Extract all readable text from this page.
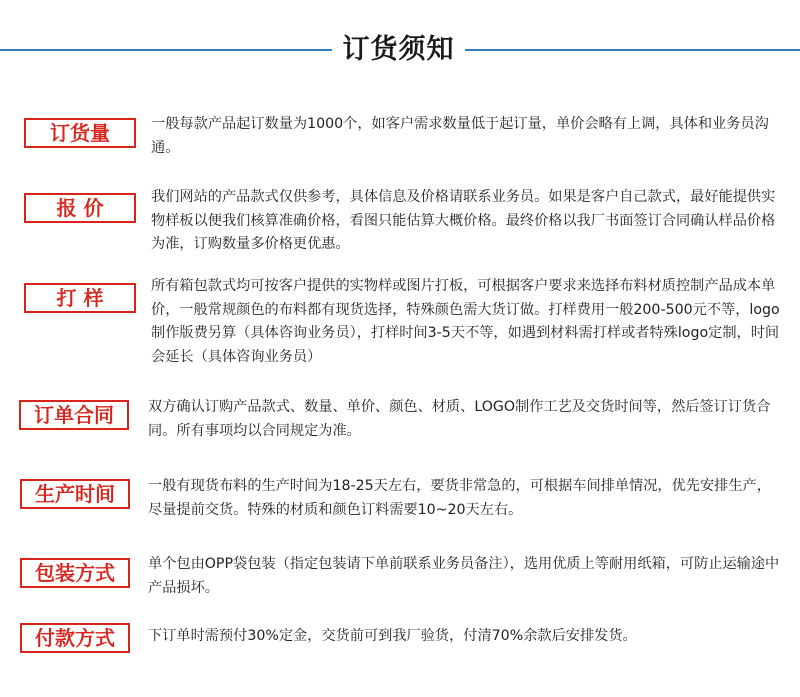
订货须知
订货量	一般每款产品起订数量为1000个，如客户需求数量低于起订量，单价会略有上调，具体和业务员沟通。
报 价	我们网站的产品款式仅供参考，具体信息及价格请联系业务员。如果是客户自己款式，最好能提供实物样板以便我们核算准确价格，看图只能估算大概价格。最终价格以我厂书面签订合同确认样品价格为准，订购数量多价格更优惠。
打 样	所有箱包款式均可按客户提供的实物样或图片打板，可根据客户要求来选择布料材质控制产品成本单价，一般常规颜色的布料都有现货选择，特殊颜色需大货订做。打样费用一般200-500元不等，logo制作版费另算（具体咨询业务员），打样时间3-5天不等，如遇到材料需打样或者特殊logo定制，时间会延长（具体咨询业务员）
订单合同	双方确认订购产品款式、数量、单价、颜色、材质、LOGO制作工艺及交货时间等，然后签订订货合同。所有事项均以合同规定为准。
生产时间	一般有现货布料的生产时间为18-25天左右，要货非常急的，可根据车间排单情况，优先安排生产，尽量提前交货。特殊的材质和颜色订料需要10~20天左右。
包装方式	单个包由OPP袋包装（指定包装请下单前联系业务员备注），选用优质上等耐用纸箱，可防止运输途中产品损坏。
付款方式	下订单时需预付30%定金，交货前可到我厂验货，付清70%余款后安排发货。
